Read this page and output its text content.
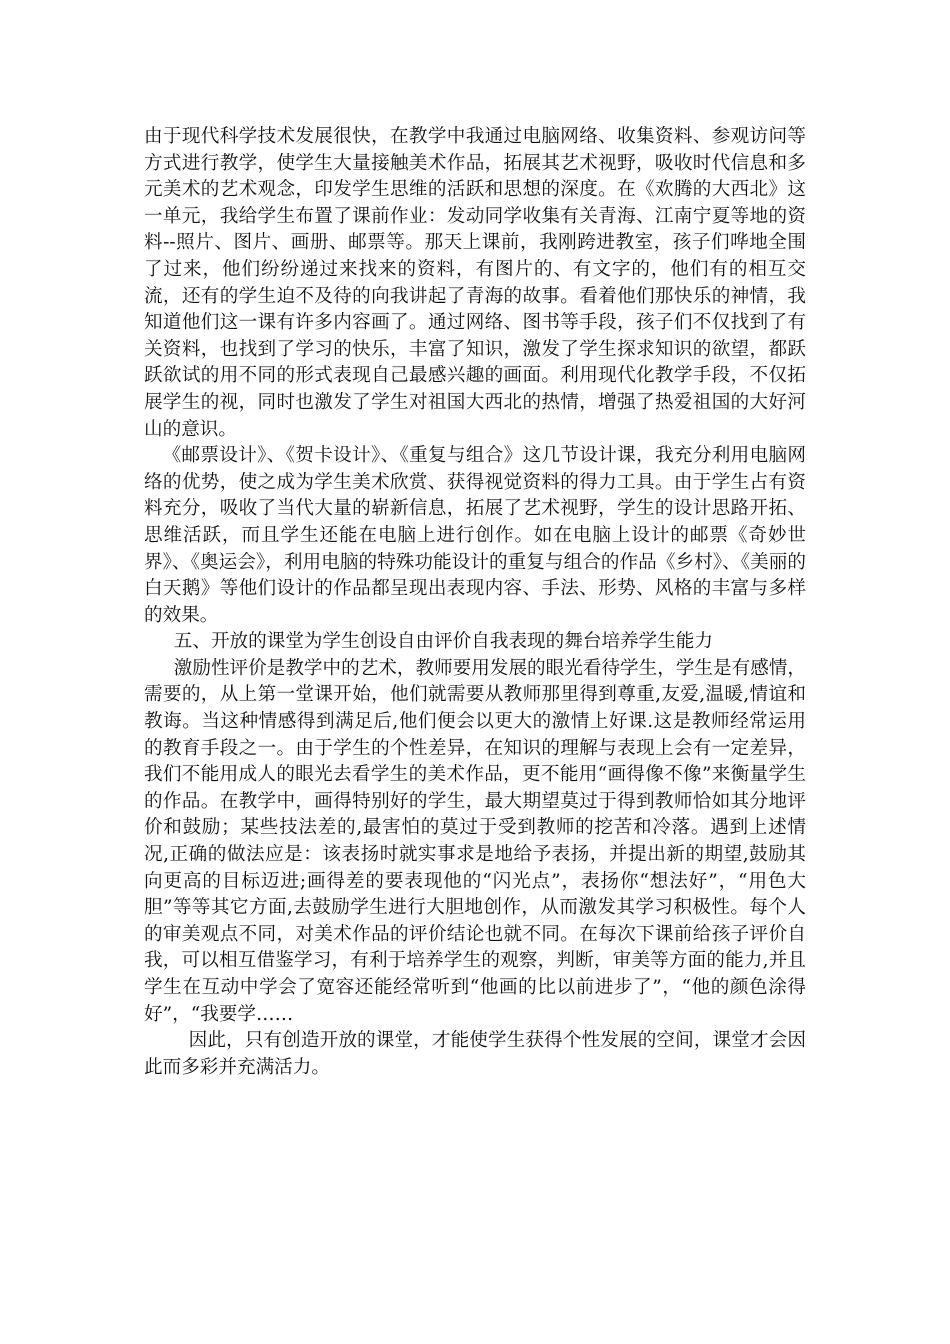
由于现代科学技术发展很快，在教学中我通过电脑网络、收集资料、参观访问等方式进行教学，使学生大量接触美术作品，拓展其艺术视野，吸收时代信息和多元美术的艺术观念，印发学生思维的活跃和思想的深度。在《欢腾的大西北》这一单元，我给学生布置了课前作业：发动同学收集有关青海、江南宁夏等地的资料--照片、图片、画册、邮票等。那天上课前，我刚跨进教室，孩子们哗地全围了过来，他们纷纷递过来找来的资料，有图片的、有文字的，他们有的相互交流，还有的学生迫不及待的向我讲起了青海的故事。看着他们那快乐的神情，我知道他们这一课有许多内容画了。通过网络、图书等手段，孩子们不仅找到了有关资料，也找到了学习的快乐，丰富了知识，激发了学生探求知识的欲望，都跃跃欲试的用不同的形式表现自己最感兴趣的画面。利用现代化教学手段，不仅拓展学生的视，同时也激发了学生对祖国大西北的热情，增强了热爱祖国的大好河山的意识。

《邮票设计》、《贺卡设计》、《重复与组合》这几节设计课，我充分利用电脑网络的优势，使之成为学生美术欣赏、获得视觉资料的得力工具。由于学生占有资料充分，吸收了当代大量的崭新信息，拓展了艺术视野，学生的设计思路开拓、思维活跃，而且学生还能在电脑上进行创作。如在电脑上设计的邮票《奇妙世界》、《奥运会》，利用电脑的特殊功能设计的重复与组合的作品《乡村》、《美丽的白天鹅》等他们设计的作品都呈现出表现内容、手法、形势、风格的丰富与多样的效果。

五、开放的课堂为学生创设自由评价自我表现的舞台培养学生能力

激励性评价是教学中的艺术，教师要用发展的眼光看待学生，学生是有感情，需要的，从上第一堂课开始，他们就需要从教师那里得到尊重,友爱,温暖,情谊和教诲。当这种情感得到满足后,他们便会以更大的激情上好课.这是教师经常运用的教育手段之一。由于学生的个性差异，在知识的理解与表现上会有一定差异，我们不能用成人的眼光去看学生的美术作品，更不能用“画得像不像”来衡量学生的作品。在教学中，画得特别好的学生，最大期望莫过于得到教师恰如其分地评价和鼓励；某些技法差的,最害怕的莫过于受到教师的挖苦和冷落。遇到上述情况,正确的做法应是：该表扬时就实事求是地给予表扬，并提出新的期望,鼓励其向更高的目标迈进;画得差的要表现他的“闪光点”，表扬你“想法好”，“用色大胆”等等其它方面,去鼓励学生进行大胆地创作，从而激发其学习积极性。每个人的审美观点不同，对美术作品的评价结论也就不同。在每次下课前给孩子评价自我，可以相互借鉴学习，有利于培养学生的观察，判断，审美等方面的能力,并且学生在互动中学会了宽容还能经常听到“他画的比以前进步了”，“他的颜色涂得好”，“我要学……

因此，只有创造开放的课堂，才能使学生获得个性发展的空间，课堂才会因此而多彩并充满活力。
